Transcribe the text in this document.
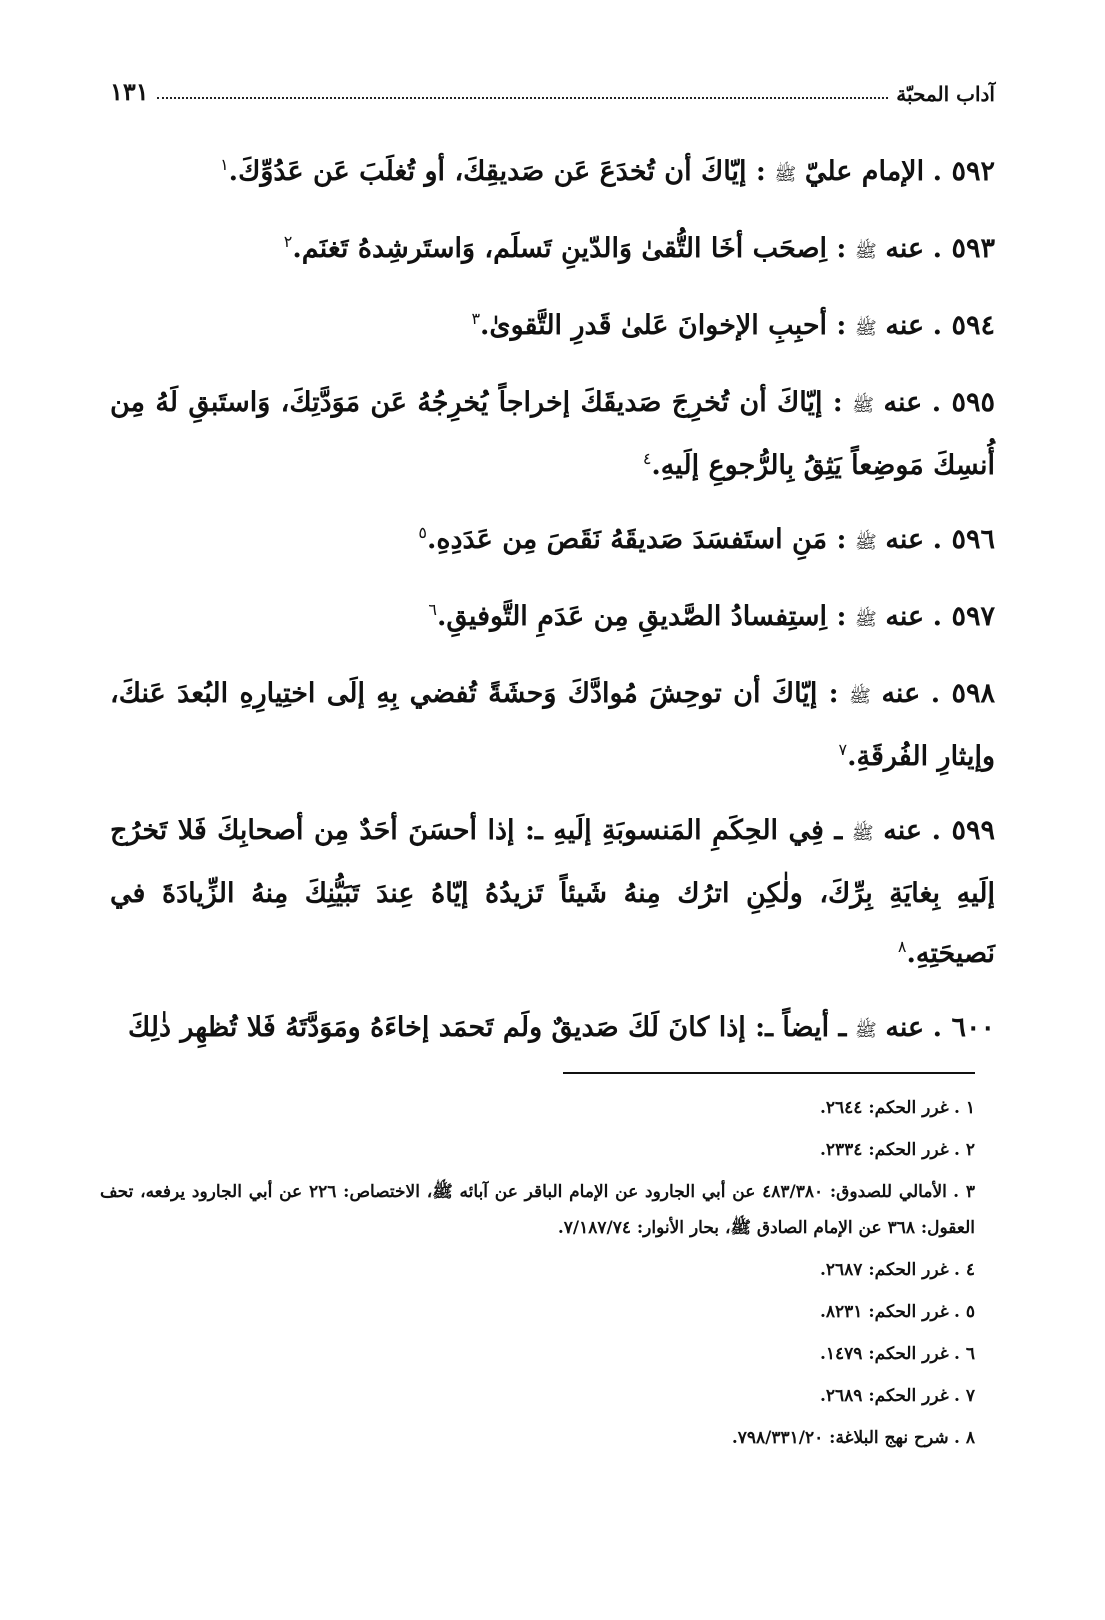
آداب المحبّة
١٣١

٥٩٢ . الإمام عليّ ﷺ : إيّاكَ أن تُخدَعَ عَن صَديقِكَ، أو تُغلَبَ عَن عَدُوِّكَ.$^١$

٥٩٣ . عنه ﷺ : اِصحَب أخَا التُّقىٰ وَالدّينِ تَسلَم، وَاستَرشِدهُ تَغنَم.$^٢$

٥٩٤ . عنه ﷺ : أحبِبِ الإخوانَ عَلىٰ قَدرِ التَّقوىٰ.$^٣$

٥٩٥ . عنه ﷺ : إيّاكَ أن تُخرِجَ صَديقَكَ إخراجاً يُخرِجُهُ عَن مَوَدَّتِكَ، وَاستَبقِ لَهُ مِن أُنسِكَ مَوضِعاً يَثِقُ بِالرُّجوعِ إلَيهِ.$^٤$

٥٩٦ . عنه ﷺ : مَنِ استَفسَدَ صَديقَهُ نَقَصَ مِن عَدَدِهِ.$^٥$

٥٩٧ . عنه ﷺ : اِستِفسادُ الصَّديقِ مِن عَدَمِ التَّوفيقِ.$^٦$

٥٩٨ . عنه ﷺ : إيّاكَ أن توحِشَ مُوادَّكَ وَحشَةً تُفضي بِهِ إلَى اختِيارِهِ البُعدَ عَنكَ، وإيثارِ الفُرقَةِ.$^٧$

٥٩٩ . عنه ﷺ ـ فِي الحِكَمِ المَنسوبَةِ إلَيهِ ـ: إذا أحسَنَ أحَدٌ مِن أصحابِكَ فَلا تَخرُج إلَيهِ بِغايَةِ بِرِّكَ، ولٰكِنِ اترُك مِنهُ شَيئاً تَزيدُهُ إيّاهُ عِندَ تَبَيُّنِكَ مِنهُ الزِّيادَةَ في نَصيحَتِهِ.$^٨$

٦٠٠ . عنه ﷺ ـ أيضاً ـ: إذا كانَ لَكَ صَديقٌ ولَم تَحمَد إخاءَهُ ومَوَدَّتَهُ فَلا تُظهِر ذٰلِكَ

١ . غرر الحكم: ٢٦٤٤.

٢ . غرر الحكم: ٢٣٣٤.

٣ . الأمالي للصدوق: ٤٨٣/٣٨٠ عن أبي الجارود عن الإمام الباقر عن آبائه ﷺ، الاختصاص: ٢٢٦ عن أبي الجارود يرفعه، تحف العقول: ٣٦٨ عن الإمام الصادق ﷺ، بحار الأنوار: ٧/١٨٧/٧٤.

٤ . غرر الحكم: ٢٦٨٧.

٥ . غرر الحكم: ٨٢٣١.

٦ . غرر الحكم: ١٤٧٩.

٧ . غرر الحكم: ٢٦٨٩.

٨ . شرح نهج البلاغة: ٧٩٨/٣٣١/٢٠.
